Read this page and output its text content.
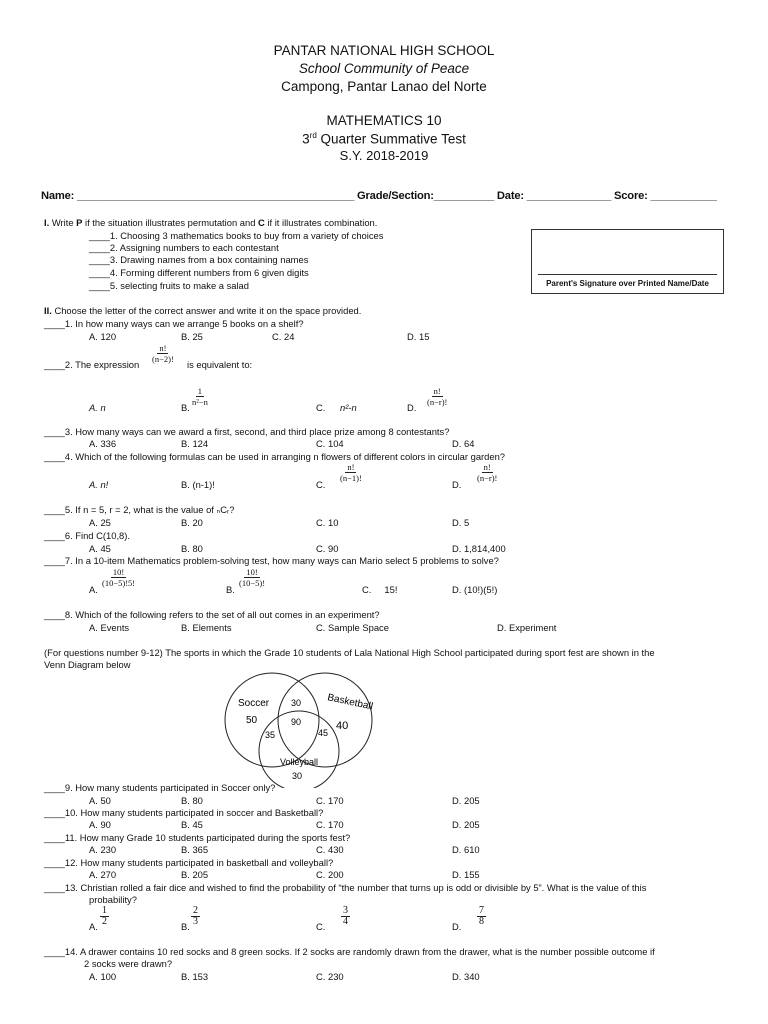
PANTAR NATIONAL HIGH SCHOOL
School Community of Peace
Campong, Pantar Lanao del Norte
MATHEMATICS 10
3rd Quarter Summative Test
S.Y. 2018-2019
Name: ______________________________________________ Grade/Section:__________ Date: ______________ Score: ___________
I. Write P if the situation illustrates permutation and C if it illustrates combination.
____1. Choosing 3 mathematics books to buy from a variety of choices
____2. Assigning numbers to each contestant
____3. Drawing names from a box containing names
____4. Forming different numbers from 6 given digits
____5. selecting fruits to make a salad	Parent's Signature over Printed Name/Date
II. Choose the letter of the correct answer and write it on the space provided.
____1. In how many ways can we arrange 5 books on a shelf?
A. 120	B. 25	C. 24	D. 15
____2. The expression
$\frac{n!}{(n-2)!}$
is equivalent to:
A. n	B.
$\frac{1}{\text{n²−n}}$
C. n²-n	D.
$\frac{n!}{(n-r)!}$
____3. How many ways can we award a first, second, and third place prize among 8 contestants?
A. 336	B. 124	C. 104	D. 64
____4. Which of the following formulas can be used in arranging n flowers of different colors in circular garden?
A. n!	B. (n-1)!	C.
$\frac{n!}{(n-1)!}$
D.
$\frac{n!}{(n-r)!}$
____5. If n = 5, r = 2, what is the value of ₙCᵣ?
A. 25	B. 20	C. 10	D. 5
____6. Find C(10,8).
A. 45	B. 80	C. 90	D. 1,814,400
____7. In a 10-item Mathematics problem-solving test, how many ways can Mario select 5 problems to solve?
A.
$\frac{10!}{(10-5)!5!}$
B.
$\frac{10!}{(10-5)!}$
C.     15!	D. (10!)(5!)
____8. Which of the following refers to the set of all out comes in an experiment?
A. Events	B. Elements	C. Sample Space	D. Experiment
(For questions number 9-12) The sports in which the Grade 10 students of Lala National High School participated during sport fest are shown in the
Venn Diagram below
Soccer	Basketball
Volleyball
50
30
90	40
35	45
30
____9. How many students participated in Soccer only?
A. 50	B. 80	C. 170	D. 205
____10. How many students participated in soccer and Basketball?
A. 90	B. 45	C. 170	D. 205
____11. How many Grade 10 students participated during the sports fest?
A. 230	B. 365	C. 430	D. 610
____12. How many students participated in basketball and volleyball?
A. 270	B. 205	C. 200	D. 155
____13. Christian rolled a fair dice and wished to find the probability of “the number that turns up is odd or divisible by 5”. What is the value of this
probability?
A. $\frac{1}{2}$	B. $\frac{2}{3}$	C. $\frac{3}{4}$	D. $\frac{7}{8}$
____14. A drawer contains 10 red socks and 8 green socks. If 2 socks are randomly drawn from the drawer, what is the number possible outcome if
2 socks were drawn?
A. 100	B. 153	C. 230	D. 340
